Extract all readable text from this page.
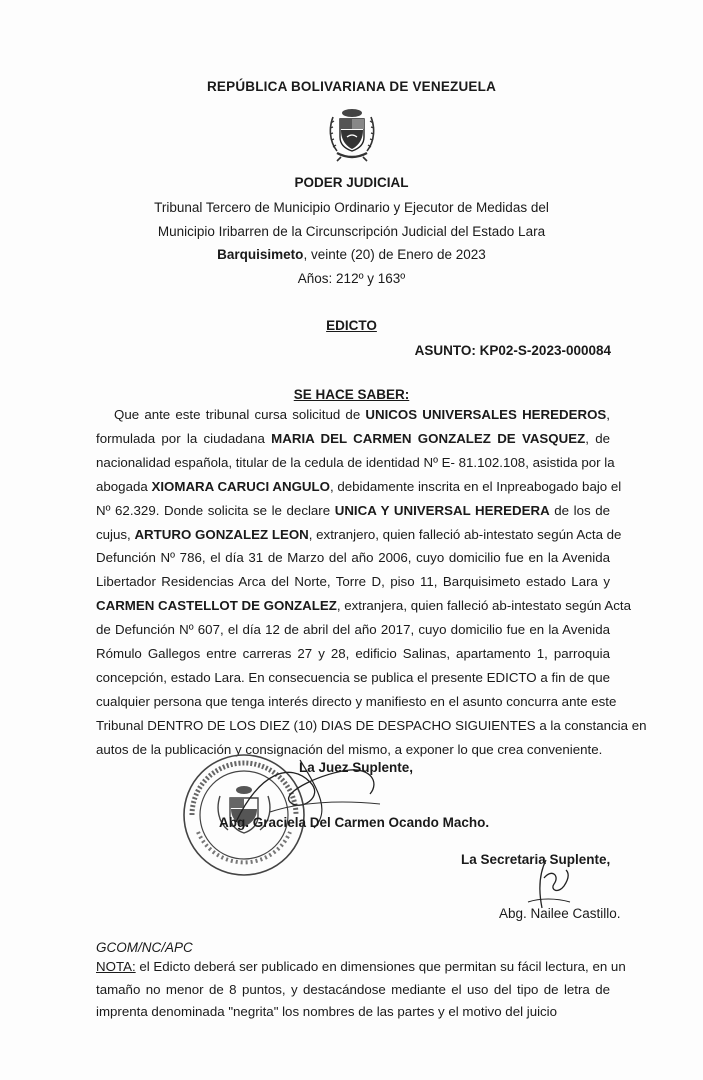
REPÚBLICA BOLIVARIANA DE VENEZUELA
PODER JUDICIAL
Tribunal Tercero de Municipio Ordinario y Ejecutor de Medidas del
Municipio Iribarren de la Circunscripción Judicial del Estado Lara
Barquisimeto, veinte (20) de Enero de 2023
Años: 212º y 163º
EDICTO
ASUNTO: KP02-S-2023-000084
SE HACE SABER:
Que ante este tribunal cursa solicitud de UNICOS UNIVERSALES HEREDEROS,
formulada por la ciudadana MARIA DEL CARMEN GONZALEZ DE VASQUEZ, de
nacionalidad española, titular de la cedula de identidad Nº E- 81.102.108, asistida por la
abogada XIOMARA CARUCI ANGULO, debidamente inscrita en el Inpreabogado bajo el
Nº 62.329. Donde solicita se le declare UNICA Y UNIVERSAL HEREDERA de los de
cujus, ARTURO GONZALEZ LEON, extranjero, quien falleció ab-intestato según Acta de
Defunción Nº 786, el día 31 de Marzo del año 2006, cuyo domicilio fue en la Avenida
Libertador Residencias Arca del Norte, Torre D, piso 11, Barquisimeto estado Lara y
CARMEN CASTELLOT DE GONZALEZ, extranjera, quien falleció ab-intestato según Acta
de Defunción Nº 607, el día 12 de abril del año 2017, cuyo domicilio fue en la Avenida
Rómulo Gallegos entre carreras 27 y 28, edificio Salinas, apartamento 1, parroquia
concepción, estado Lara. En consecuencia se publica el presente EDICTO a fin de que
cualquier persona que tenga interés directo y manifiesto en el asunto concurra ante este
Tribunal DENTRO DE LOS DIEZ (10) DIAS DE DESPACHO SIGUIENTES a la constancia en
autos de la publicación y consignación del mismo, a exponer lo que crea conveniente.
La Juez Suplente,
Abg. Graciela Del Carmen Ocando Macho.
La Secretaria Suplente,
Abg. Nailee Castillo.
GCOM/NC/APC
NOTA: el Edicto deberá ser publicado en dimensiones que permitan su fácil lectura, en un
tamaño no menor de 8 puntos, y destacándose mediante el uso del tipo de letra de
imprenta denominada "negrita" los nombres de las partes y el motivo del juicio
